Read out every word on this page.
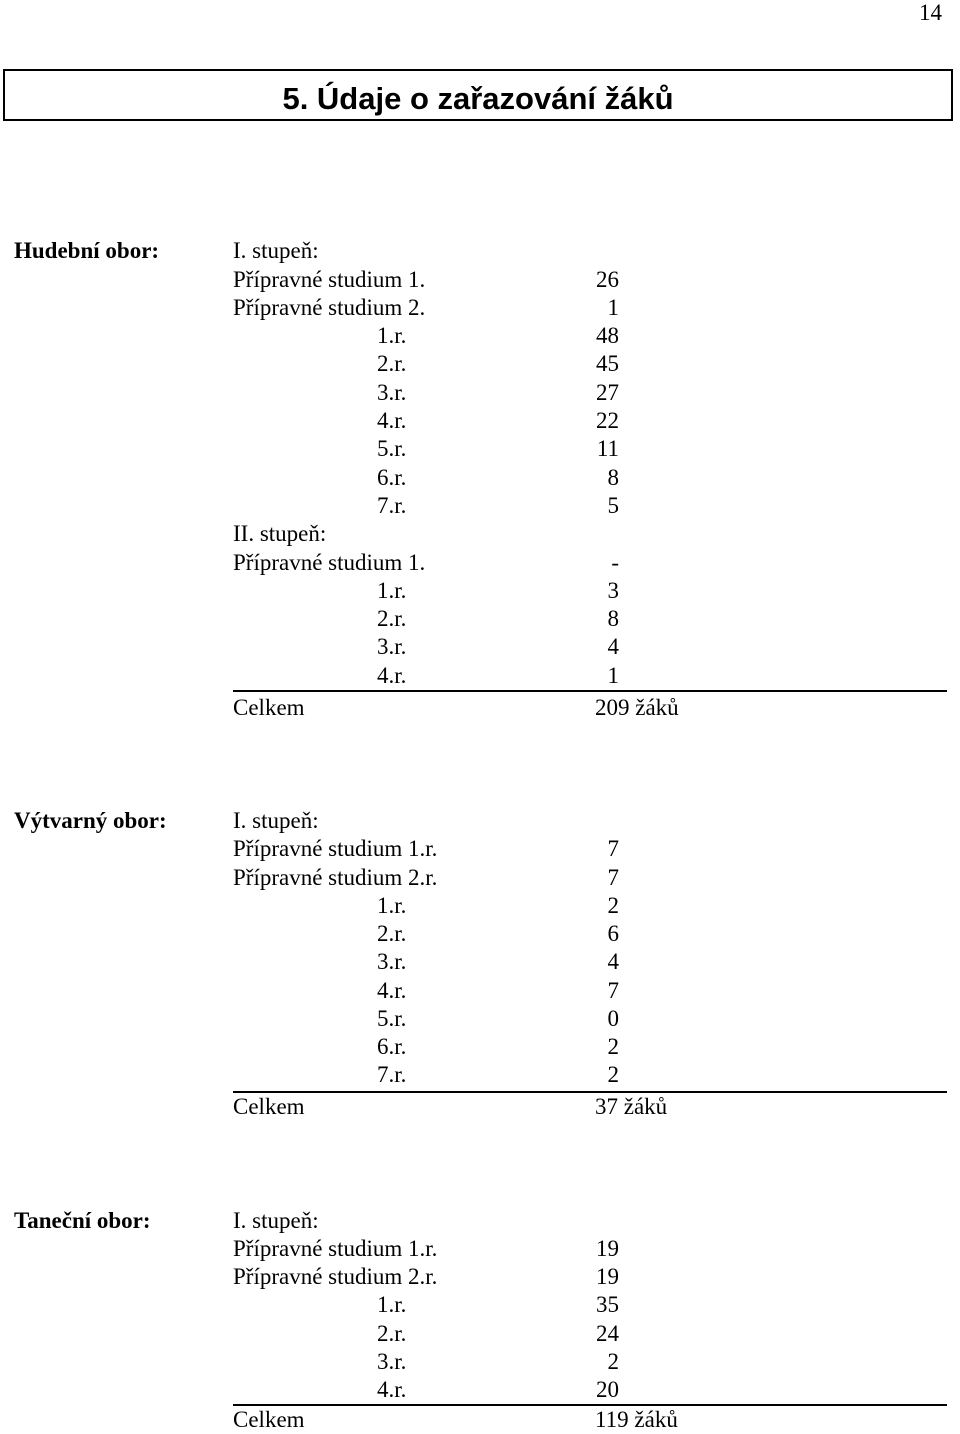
14
5. Údaje o zařazování žáků
Hudební obor:	I. stupeň:
Přípravné studium 1.	26
Přípravné studium 2.	1
1.r.	48
2.r.	45
3.r.	27
4.r.	22
5.r.	11
6.r.	8
7.r.	5
II. stupeň:
Přípravné studium 1.	-
1.r.	3
2.r.	8
3.r.	4
4.r.	1
Celkem	209 žáků
Výtvarný obor:	I. stupeň:
Přípravné studium 1.r.	7
Přípravné studium 2.r.	7
1.r.	2
2.r.	6
3.r.	4
4.r.	7
5.r.	0
6.r.	2
7.r.	2
Celkem	37 žáků
Taneční obor:	I. stupeň:
Přípravné studium 1.r.	19
Přípravné studium 2.r.	19
1.r.	35
2.r.	24
3.r.	2
4.r.	20
Celkem	119 žáků
